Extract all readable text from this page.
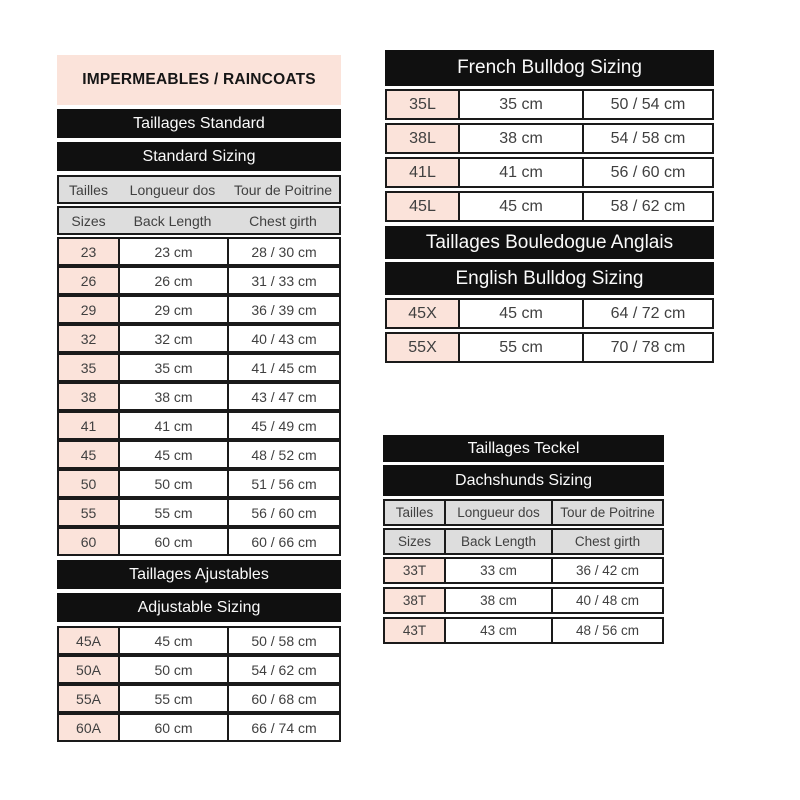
IMPERMEABLES / RAINCOATS
Taillages Standard
Standard Sizing
Tailles	Longueur dos	Tour de Poitrine
Sizes	Back Length	Chest girth
23	23 cm	28 / 30 cm
26	26 cm	31 / 33 cm
29	29 cm	36 / 39 cm
32	32 cm	40 / 43 cm
35	35 cm	41 / 45 cm
38	38 cm	43 / 47 cm
41	41 cm	45 / 49 cm
45	45 cm	48 / 52 cm
50	50 cm	51 / 56 cm
55	55 cm	56 / 60 cm
60	60 cm	60 / 66 cm
Taillages Ajustables
Adjustable Sizing
45A	45 cm	50 / 58 cm
50A	50 cm	54 / 62 cm
55A	55 cm	60 / 68 cm
60A	60 cm	66 / 74 cm
French Bulldog Sizing
35L	35 cm	50 / 54 cm
38L	38 cm	54 / 58 cm
41L	41 cm	56 / 60 cm
45L	45 cm	58 / 62 cm
Taillages Bouledogue Anglais
English Bulldog Sizing
45X	45 cm	64 / 72 cm
55X	55 cm	70 / 78 cm
Taillages Teckel
Dachshunds Sizing
Tailles	Longueur dos	Tour de Poitrine
Sizes	Back Length	Chest girth
33T	33 cm	36 / 42 cm
38T	38 cm	40 / 48 cm
43T	43 cm	48 / 56 cm
